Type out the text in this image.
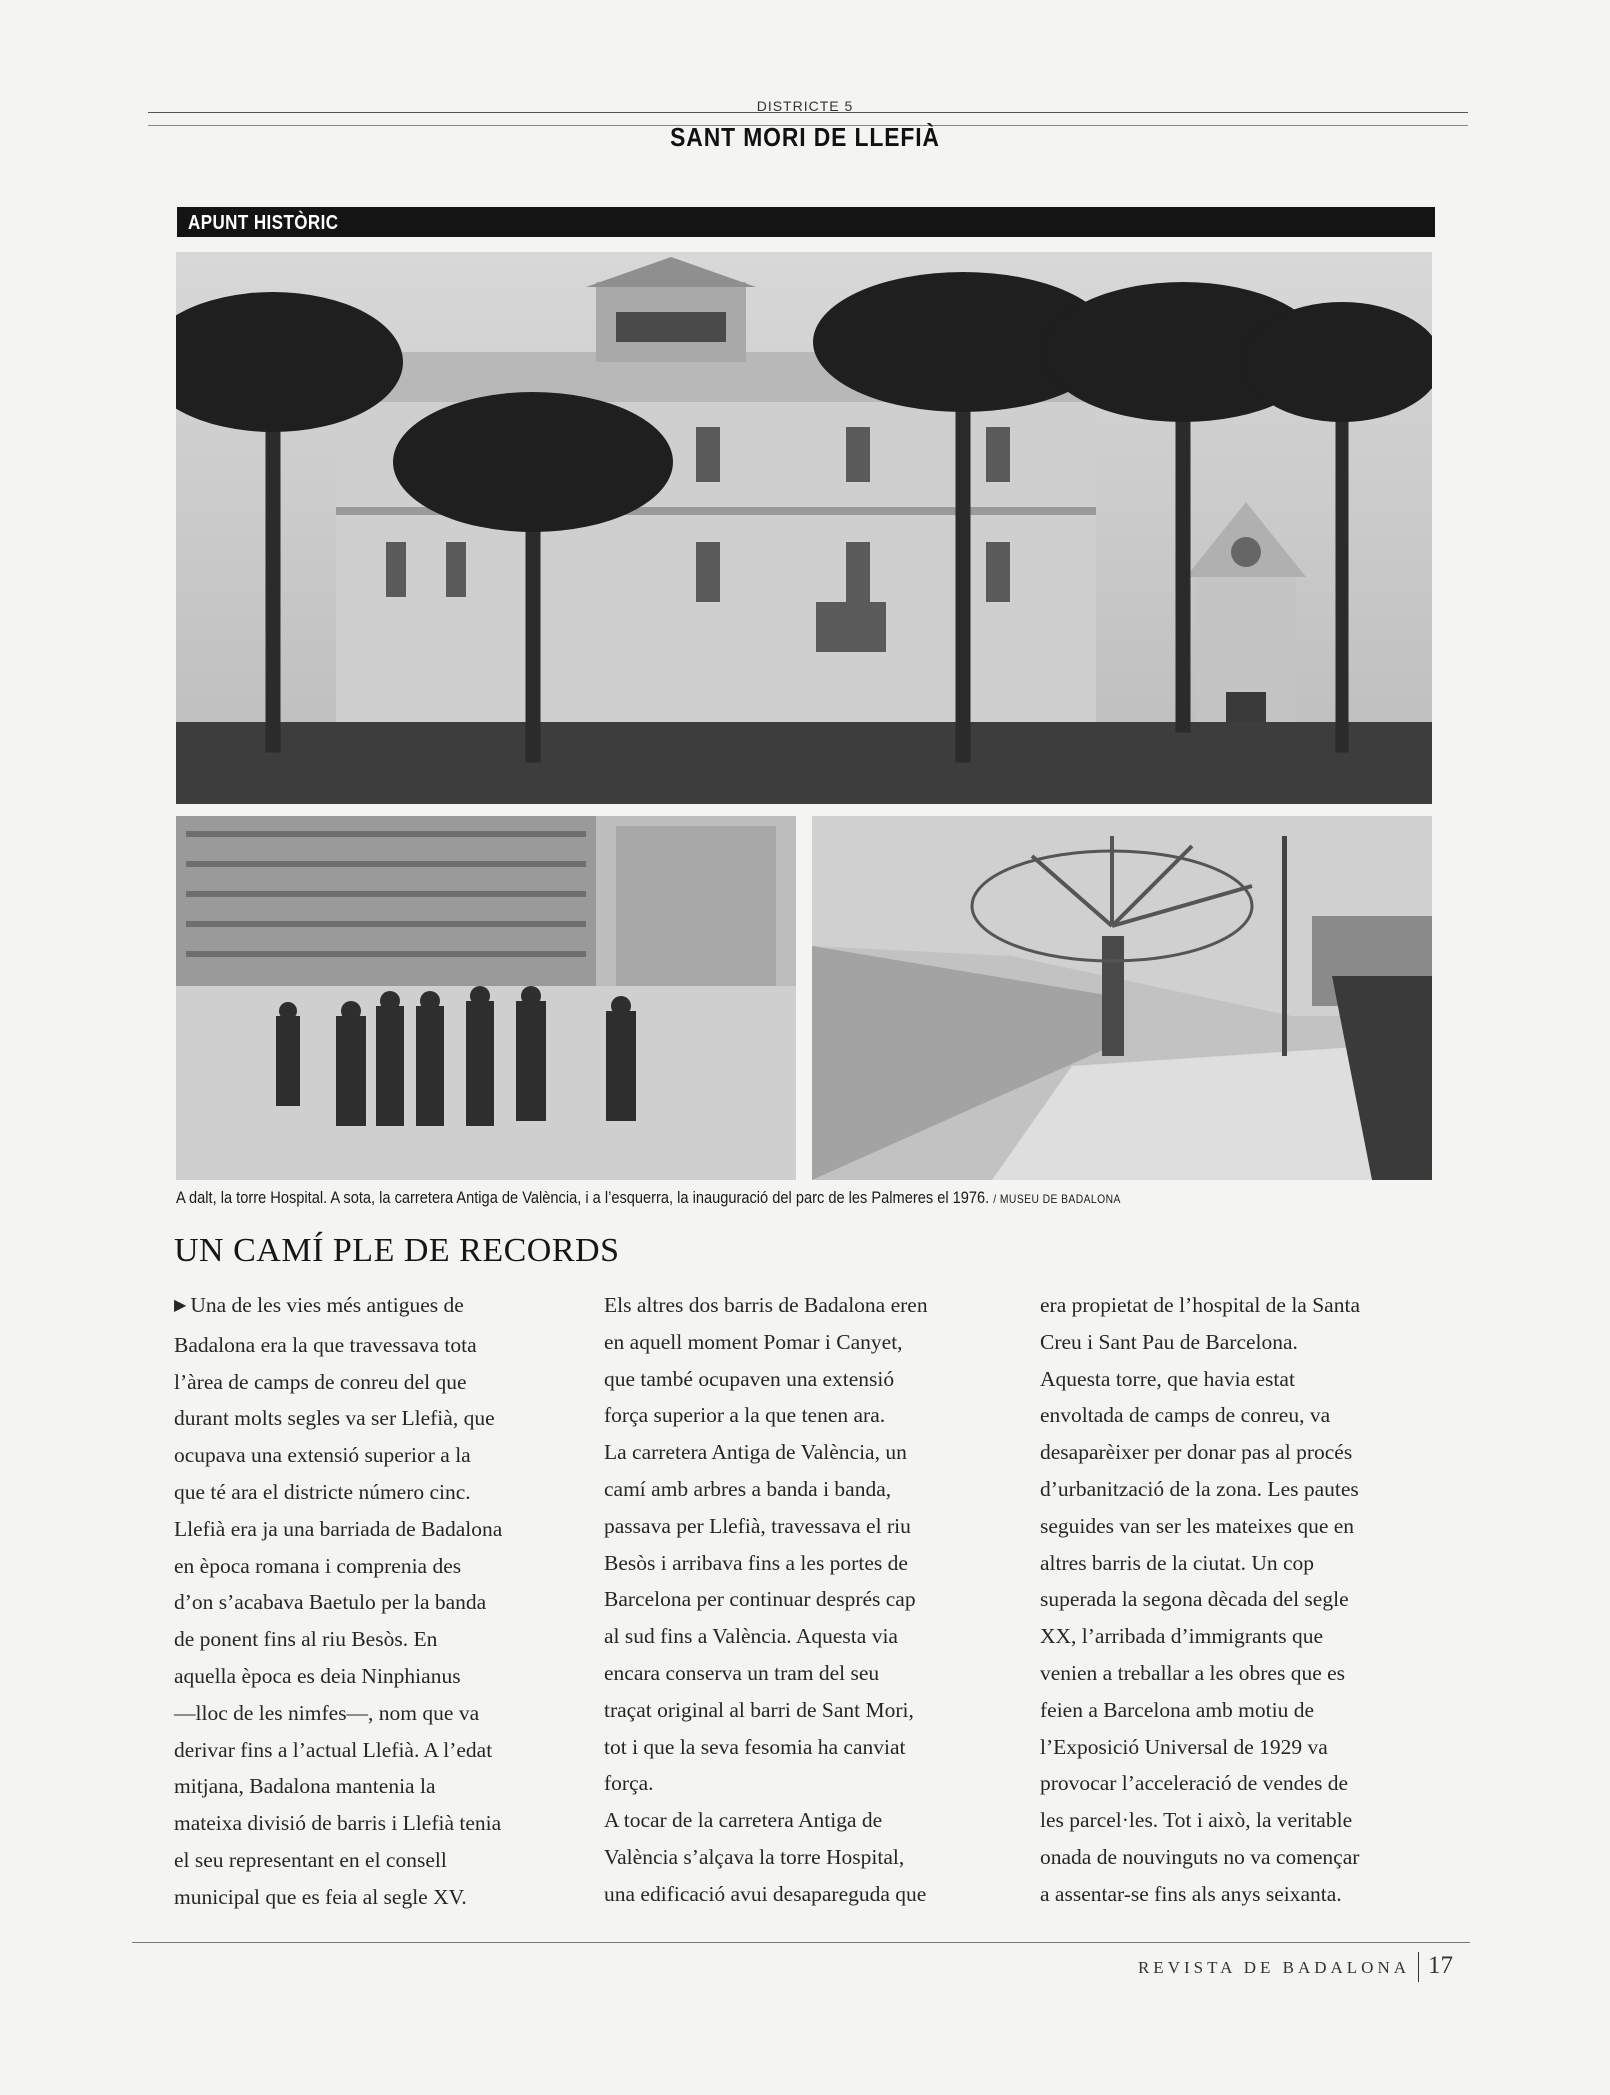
DISTRICTE 5
SANT MORI DE LLEFIÀ
APUNT HISTÒRIC
A dalt, la torre Hospital. A sota, la carretera Antiga de València, i a l’esquerra, la inauguració del parc de les Palmeres el 1976. / MUSEU DE BADALONA
UN CAMÍ PLE DE RECORDS
▶ Una de les vies més antigues de
Badalona era la que travessava tota
l’àrea de camps de conreu del que
durant molts segles va ser Llefià, que
ocupava una extensió superior a la
que té ara el districte número cinc.
Llefià era ja una barriada de Badalona
en època romana i comprenia des
d’on s’acabava Baetulo per la banda
de ponent fins al riu Besòs. En
aquella època es deia Ninphianus
—lloc de les nimfes—, nom que va
derivar fins a l’actual Llefià. A l’edat
mitjana, Badalona mantenia la
mateixa divisió de barris i Llefià tenia
el seu representant en el consell
municipal que es feia al segle XV.
Els altres dos barris de Badalona eren
en aquell moment Pomar i Canyet,
que també ocupaven una extensió
força superior a la que tenen ara.
La carretera Antiga de València, un
camí amb arbres a banda i banda,
passava per Llefià, travessava el riu
Besòs i arribava fins a les portes de
Barcelona per continuar després cap
al sud fins a València. Aquesta via
encara conserva un tram del seu
traçat original al barri de Sant Mori,
tot i que la seva fesomia ha canviat
força.
A tocar de la carretera Antiga de
València s’alçava la torre Hospital,
una edificació avui desapareguda que
era propietat de l’hospital de la Santa
Creu i Sant Pau de Barcelona.
Aquesta torre, que havia estat
envoltada de camps de conreu, va
desaparèixer per donar pas al procés
d’urbanització de la zona. Les pautes
seguides van ser les mateixes que en
altres barris de la ciutat. Un cop
superada la segona dècada del segle
XX, l’arribada d’immigrants que
venien a treballar a les obres que es
feien a Barcelona amb motiu de
l’Exposició Universal de 1929 va
provocar l’acceleració de vendes de
les parcel·les. Tot i això, la veritable
onada de nouvinguts no va començar
a assentar-se fins als anys seixanta.
REVISTA DE BADALONA 17
